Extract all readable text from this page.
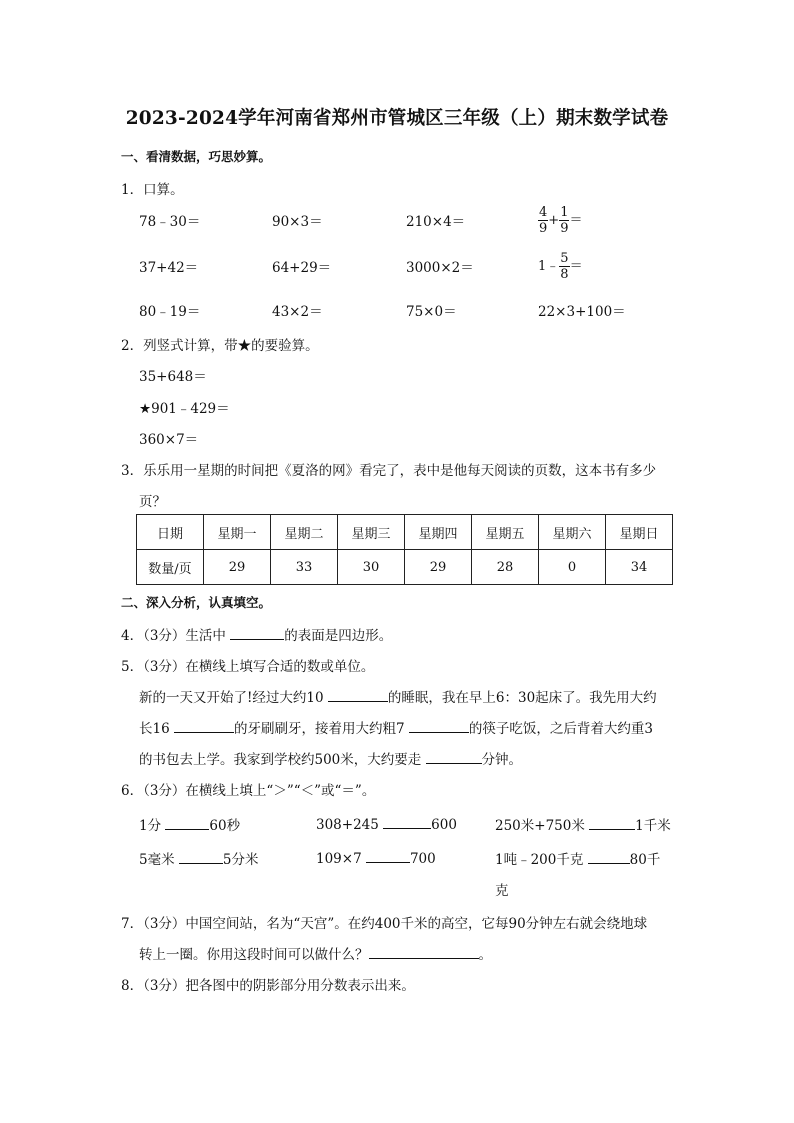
2023-2024学年河南省郑州市管城区三年级（上）期末数学试卷
一、看清数据，巧思妙算。
1．口算。
78﹣30＝	90×3＝	210×4＝	$\frac{4}{9} + \frac{1}{9}$ ＝
37+42＝	64+29＝	3000×2＝	1﹣ $\frac{5}{8}$ ＝
80﹣19＝	43×2＝	75×0＝	22×3+100＝
2．列竖式计算，带★的要验算。
35+648＝
★901﹣429＝
360×7＝
3．乐乐用一星期的时间把《夏洛的网》看完了，表中是他每天阅读的页数，这本书有多少
页？
日期	星期一	星期二	星期三	星期四	星期五	星期六	星期日
数量/页	29	33	30	29	28	0	34
二、深入分析，认真填空。
4．（3分）生活中	的表面是四边形。
5．（3分）在横线上填写合适的数或单位。
新的一天又开始了!经过大约10	的睡眠，我在早上6：30起床了。我先用大约
长16	的牙刷刷牙，接着用大约粗7	的筷子吃饭，之后背着大约重3
的书包去上学。我家到学校约500米，大约要走	分钟。
6．（3分）在横线上填上“＞”“＜”或“＝”。
1分	60秒	308+245	600	250米+750米	1千米
5毫米	5分米	109×7	700	1吨﹣200千克	80千
克
7．（3分）中国空间站，名为“天宫”。在约400千米的高空，它每90分钟左右就会绕地球
转上一圈。你用这段时间可以做什么？	。
8．（3分）把各图中的阴影部分用分数表示出来。
